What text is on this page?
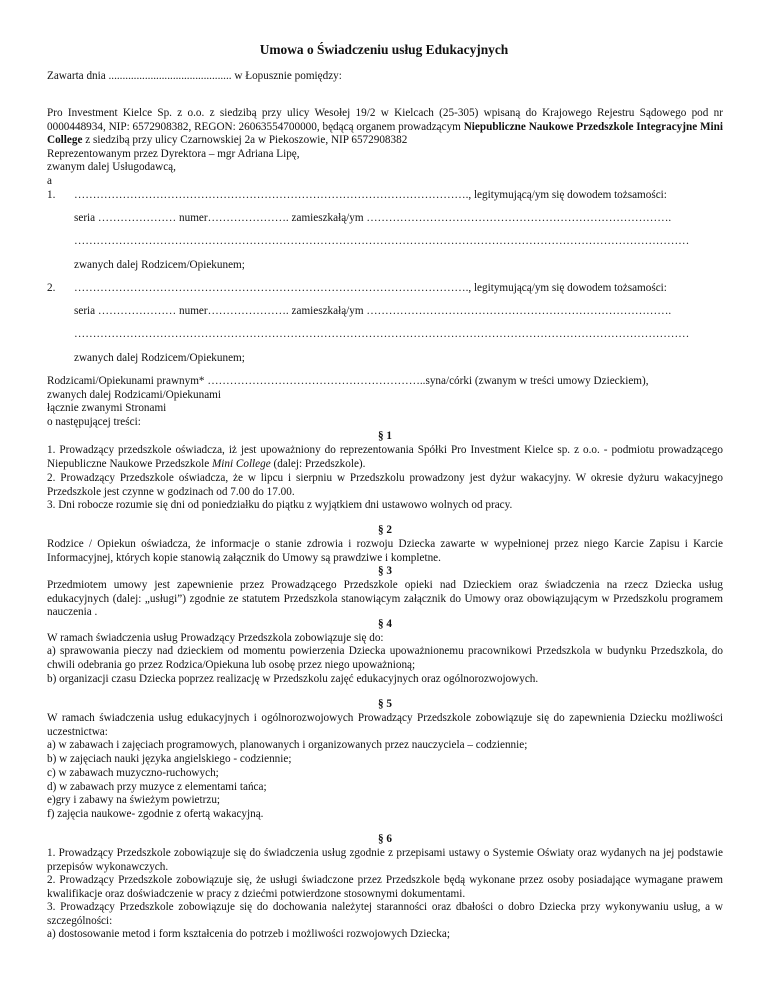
Umowa o Świadczeniu usług Edukacyjnych
Zawarta dnia ............................................ w Łopusznie pomiędzy:
Pro Investment Kielce Sp. z o.o. z siedzibą przy ulicy Wesołej 19/2 w Kielcach (25-305) wpisaną do Krajowego Rejestru Sądowego pod nr 0000448934, NIP: 6572908382, REGON: 26063554700000, będącą organem prowadzącym Niepubliczne Naukowe Przedszkole Integracyjne Mini College z siedzibą przy ulicy Czarnowskiej 2a w Piekoszowie, NIP 6572908382
Reprezentowanym przez Dyrektora – mgr Adriana Lipę,
zwanym dalej Usługodawcą,
a
1. ……………………………………………………………………………………………., legitymującą/ym się dowodem tożsamości:
seria ………………… numer…………………. zamieszkałą/ym ……………………………………………………………………….
…………………………………………………………………………………………………………………………………………………
zwanych dalej Rodzicem/Opiekunem;
2. ……………………………………………………………………………………………., legitymującą/ym się dowodem tożsamości:
seria ………………… numer…………………. zamieszkałą/ym ……………………………………………………………………….
…………………………………………………………………………………………………………………………………………………
zwanych dalej Rodzicem/Opiekunem;
Rodzicami/Opiekunami prawnym* …………………………………………………..syna/córki (zwanym w treści umowy Dzieckiem),
zwanych dalej Rodzicami/Opiekunami
łącznie zwanymi Stronami
o następującej treści:
§ 1
1. Prowadzący przedszkole oświadcza, iż jest upoważniony do reprezentowania Spółki Pro Investment Kielce sp. z o.o. - podmiotu prowadzącego Niepubliczne Naukowe Przedszkole Mini College (dalej: Przedszkole).
2. Prowadzący Przedszkole oświadcza, że w lipcu i sierpniu w Przedszkolu prowadzony jest dyżur wakacyjny. W okresie dyżuru wakacyjnego Przedszkole jest czynne w godzinach od 7.00 do 17.00.
3. Dni robocze rozumie się dni od poniedziałku do piątku z wyjątkiem dni ustawowo wolnych od pracy.
§ 2
Rodzice / Opiekun oświadcza, że informacje o stanie zdrowia i rozwoju Dziecka zawarte w wypełnionej przez niego Karcie Zapisu i Karcie Informacyjnej, których kopie stanowią załącznik do Umowy są prawdziwe i kompletne.
§ 3
Przedmiotem umowy jest zapewnienie przez Prowadzącego Przedszkole opieki nad Dzieckiem oraz świadczenia na rzecz Dziecka usług edukacyjnych (dalej: „usługi”) zgodnie ze statutem Przedszkola stanowiącym załącznik do Umowy oraz obowiązującym w Przedszkolu programem nauczenia .
§ 4
W ramach świadczenia usług Prowadzący Przedszkola zobowiązuje się do:
a) sprawowania pieczy nad dzieckiem od momentu powierzenia Dziecka upoważnionemu pracownikowi Przedszkola w budynku Przedszkola, do chwili odebrania go przez Rodzica/Opiekuna lub osobę przez niego upoważnioną;
b) organizacji czasu Dziecka poprzez realizację w Przedszkolu zajęć edukacyjnych oraz ogólnorozwojowych.
§ 5
W ramach świadczenia usług edukacyjnych i ogólnorozwojowych Prowadzący Przedszkole zobowiązuje się do zapewnienia Dziecku możliwości uczestnictwa:
a) w zabawach i zajęciach programowych, planowanych i organizowanych przez nauczyciela – codziennie;
b) w zajęciach nauki języka angielskiego - codziennie;
c) w zabawach muzyczno-ruchowych;
d) w zabawach przy muzyce z elementami tańca;
e)gry i zabawy na świeżym powietrzu;
f) zajęcia naukowe- zgodnie z ofertą wakacyjną.
§ 6
1. Prowadzący Przedszkole zobowiązuje się do świadczenia usług zgodnie z przepisami ustawy o Systemie Oświaty oraz wydanych na jej podstawie przepisów wykonawczych.
2. Prowadzący Przedszkole zobowiązuje się, że usługi świadczone przez Przedszkole będą wykonane przez osoby posiadające wymagane prawem kwalifikacje oraz doświadczenie w pracy z dziećmi potwierdzone stosownymi dokumentami.
3. Prowadzący Przedszkole zobowiązuje się do dochowania należytej staranności oraz dbałości o dobro Dziecka przy wykonywaniu usług, a w szczególności:
a) dostosowanie metod i form kształcenia do potrzeb i możliwości rozwojowych Dziecka;
